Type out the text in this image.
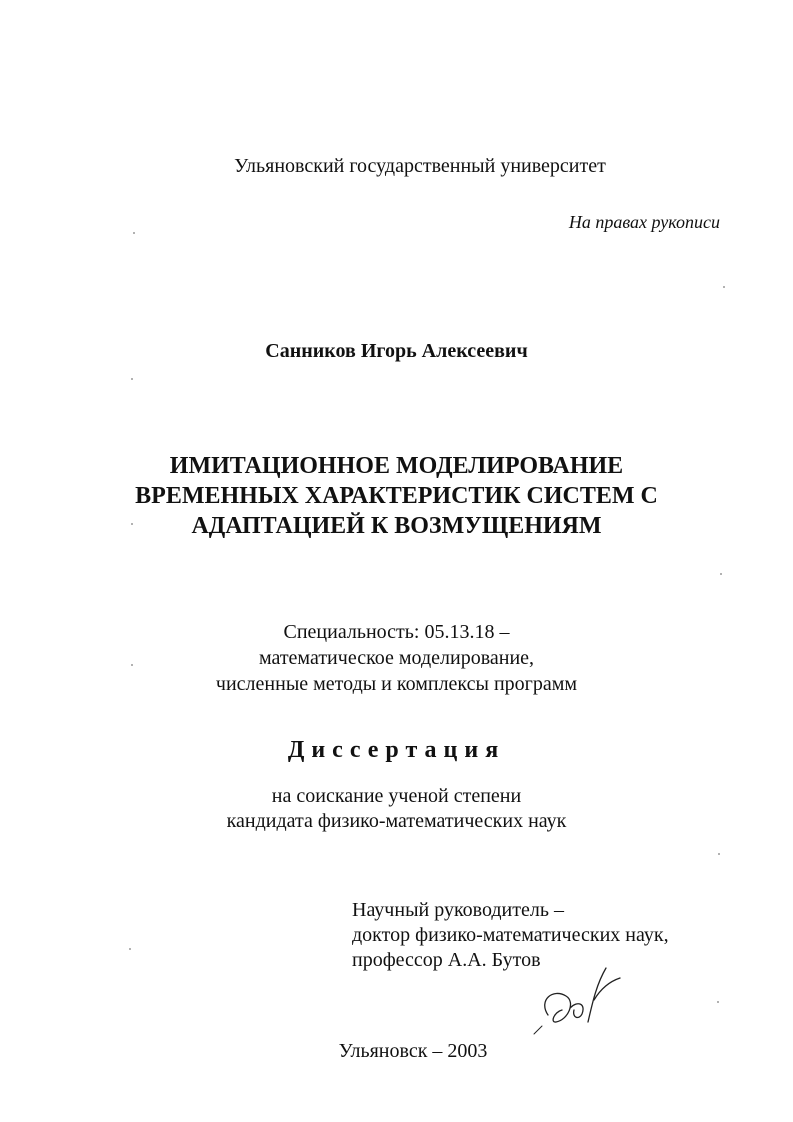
Ульяновский государственный университет
На правах рукописи
Санников Игорь Алексеевич
ИМИТАЦИОННОЕ МОДЕЛИРОВАНИЕ
ВРЕМЕННЫХ ХАРАКТЕРИСТИК СИСТЕМ С
АДАПТАЦИЕЙ К ВОЗМУЩЕНИЯМ
Специальность: 05.13.18 –
математическое моделирование,
численные методы и комплексы программ
Диссертация
на соискание ученой степени
кандидата физико-математических наук
Научный руководитель –
доктор физико-математических наук,
профессор А.А. Бутов
Ульяновск – 2003
